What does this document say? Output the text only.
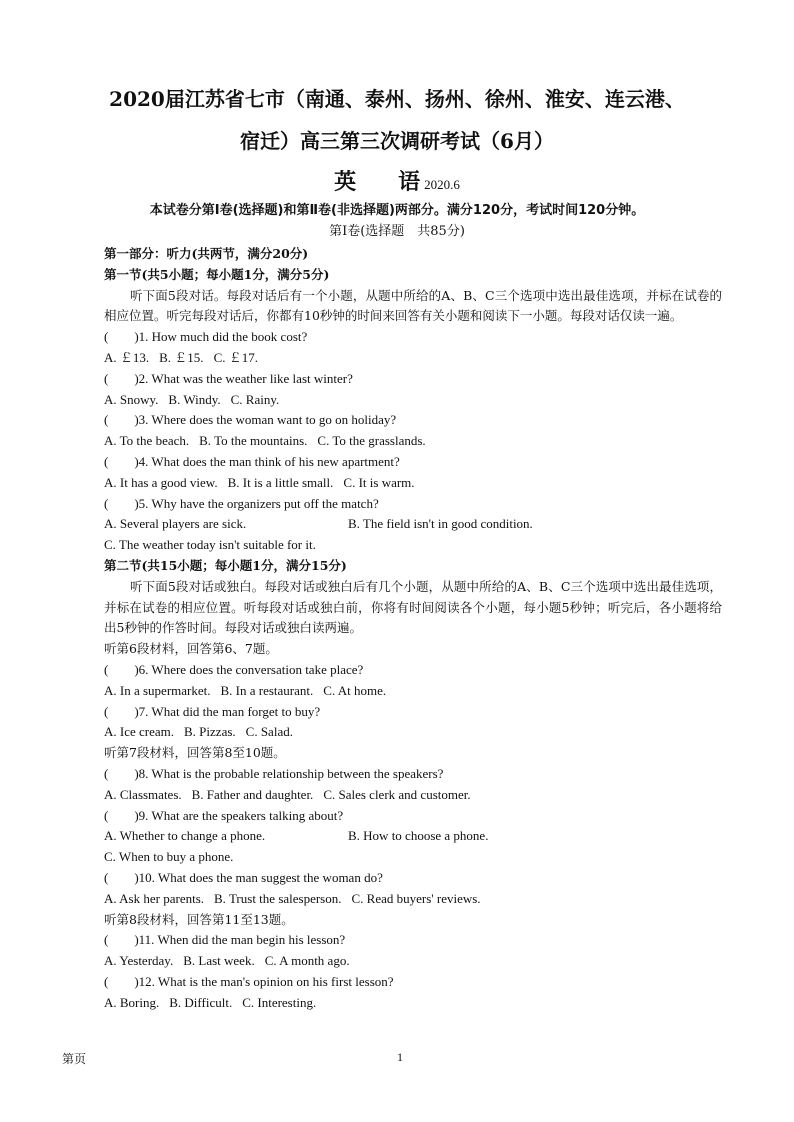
2020届江苏省七市（南通、泰州、扬州、徐州、淮安、连云港、
宿迁）高三第三次调研考试（6月）
英 语 2020.6
本试卷分第Ⅰ卷(选择题)和第Ⅱ卷(非选择题)两部分。满分120分，考试时间120分钟。
第Ⅰ卷(选择题　共85分)
第一部分：听力(共两节，满分20分)
第一节(共5小题；每小题1分，满分5分)
听下面5段对话。每段对话后有一个小题，从题中所给的A、B、C三个选项中选出最佳选项，并标在试卷的相应位置。听完每段对话后，你都有10秒钟的时间来回答有关小题和阅读下一小题。每段对话仅读一遍。
(　　)1. How much did the book cost?
A. ￡13. B. ￡15. C. ￡17.
(　　)2. What was the weather like last winter?
A. Snowy. B. Windy. C. Rainy.
(　　)3. Where does the woman want to go on holiday?
A. To the beach. B. To the mountains. C. To the grasslands.
(　　)4. What does the man think of his new apartment?
A. It has a good view. B. It is a little small. C. It is warm.
(　　)5. Why have the organizers put off the match?
A. Several players are sick.	B. The field isn't in good condition.
C. The weather today isn't suitable for it.
第二节(共15小题；每小题1分，满分15分)
听下面5段对话或独白。每段对话或独白后有几个小题，从题中所给的A、B、C三个选项中选出最佳选项，并标在试卷的相应位置。听每段对话或独白前，你将有时间阅读各个小题，每小题5秒钟；听完后，各小题将给出5秒钟的作答时间。每段对话或独白读两遍。
听第6段材料，回答第6、7题。
(　　)6. Where does the conversation take place?
A. In a supermarket. B. In a restaurant. C. At home.
(　　)7. What did the man forget to buy?
A. Ice cream. B. Pizzas. C. Salad.
听第7段材料，回答第8至10题。
(　　)8. What is the probable relationship between the speakers?
A. Classmates. B. Father and daughter. C. Sales clerk and customer.
(　　)9. What are the speakers talking about?
A. Whether to change a phone.	B. How to choose a phone.
C. When to buy a phone.
(　　)10. What does the man suggest the woman do?
A. Ask her parents. B. Trust the salesperson. C. Read buyers' reviews.
听第8段材料，回答第11至13题。
(　　)11. When did the man begin his lesson?
A. Yesterday. B. Last week. C. A month ago.
(　　)12. What is the man's opinion on his first lesson?
A. Boring. B. Difficult. C. Interesting.
第页	1
